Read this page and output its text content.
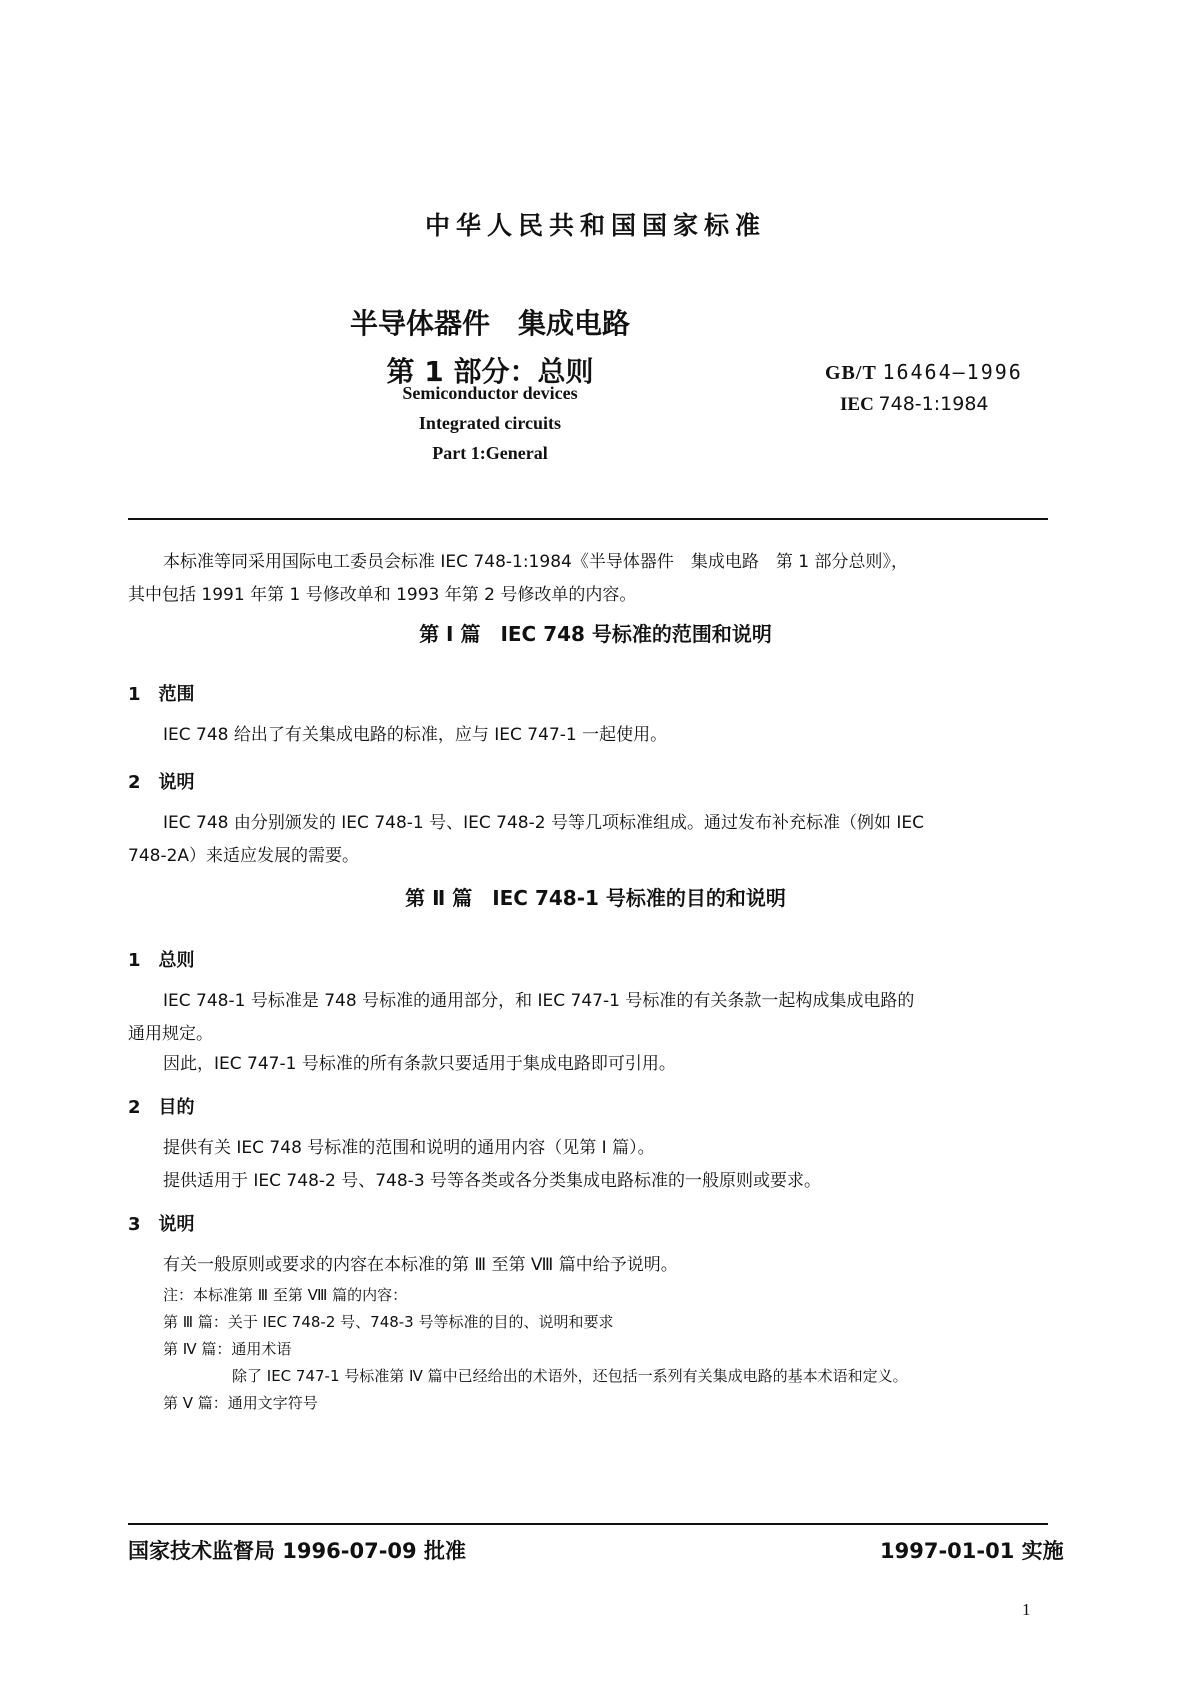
中华人民共和国国家标准
半导体器件　集成电路
第 1 部分：总则
Semiconductor devices
Integrated circuits
Part 1:General
GB/T 16464—1996
IEC 748-1:1984
本标准等同采用国际电工委员会标准 IEC 748-1:1984《半导体器件　集成电路　第 1 部分总则》，
其中包括 1991 年第 1 号修改单和 1993 年第 2 号修改单的内容。
第 Ⅰ 篇　IEC 748 号标准的范围和说明
1　范围
IEC 748 给出了有关集成电路的标准，应与 IEC 747-1 一起使用。
2　说明
IEC 748 由分别颁发的 IEC 748-1 号、IEC 748-2 号等几项标准组成。通过发布补充标准（例如 IEC
748-2A）来适应发展的需要。
第 Ⅱ 篇　IEC 748-1 号标准的目的和说明
1　总则
IEC 748-1 号标准是 748 号标准的通用部分，和 IEC 747-1 号标准的有关条款一起构成集成电路的
通用规定。
因此，IEC 747-1 号标准的所有条款只要适用于集成电路即可引用。
2　目的
提供有关 IEC 748 号标准的范围和说明的通用内容（见第 Ⅰ 篇）。
提供适用于 IEC 748-2 号、748-3 号等各类或各分类集成电路标准的一般原则或要求。
3　说明
有关一般原则或要求的内容在本标准的第 Ⅲ 至第 Ⅷ 篇中给予说明。
注：本标准第 Ⅲ 至第 Ⅷ 篇的内容：
第 Ⅲ 篇：关于 IEC 748-2 号、748-3 号等标准的目的、说明和要求
第 Ⅳ 篇：通用术语
除了 IEC 747-1 号标准第 Ⅳ 篇中已经给出的术语外，还包括一系列有关集成电路的基本术语和定义。
第 Ⅴ 篇：通用文字符号
国家技术监督局 1996-07-09 批准	1997-01-01 实施
1
